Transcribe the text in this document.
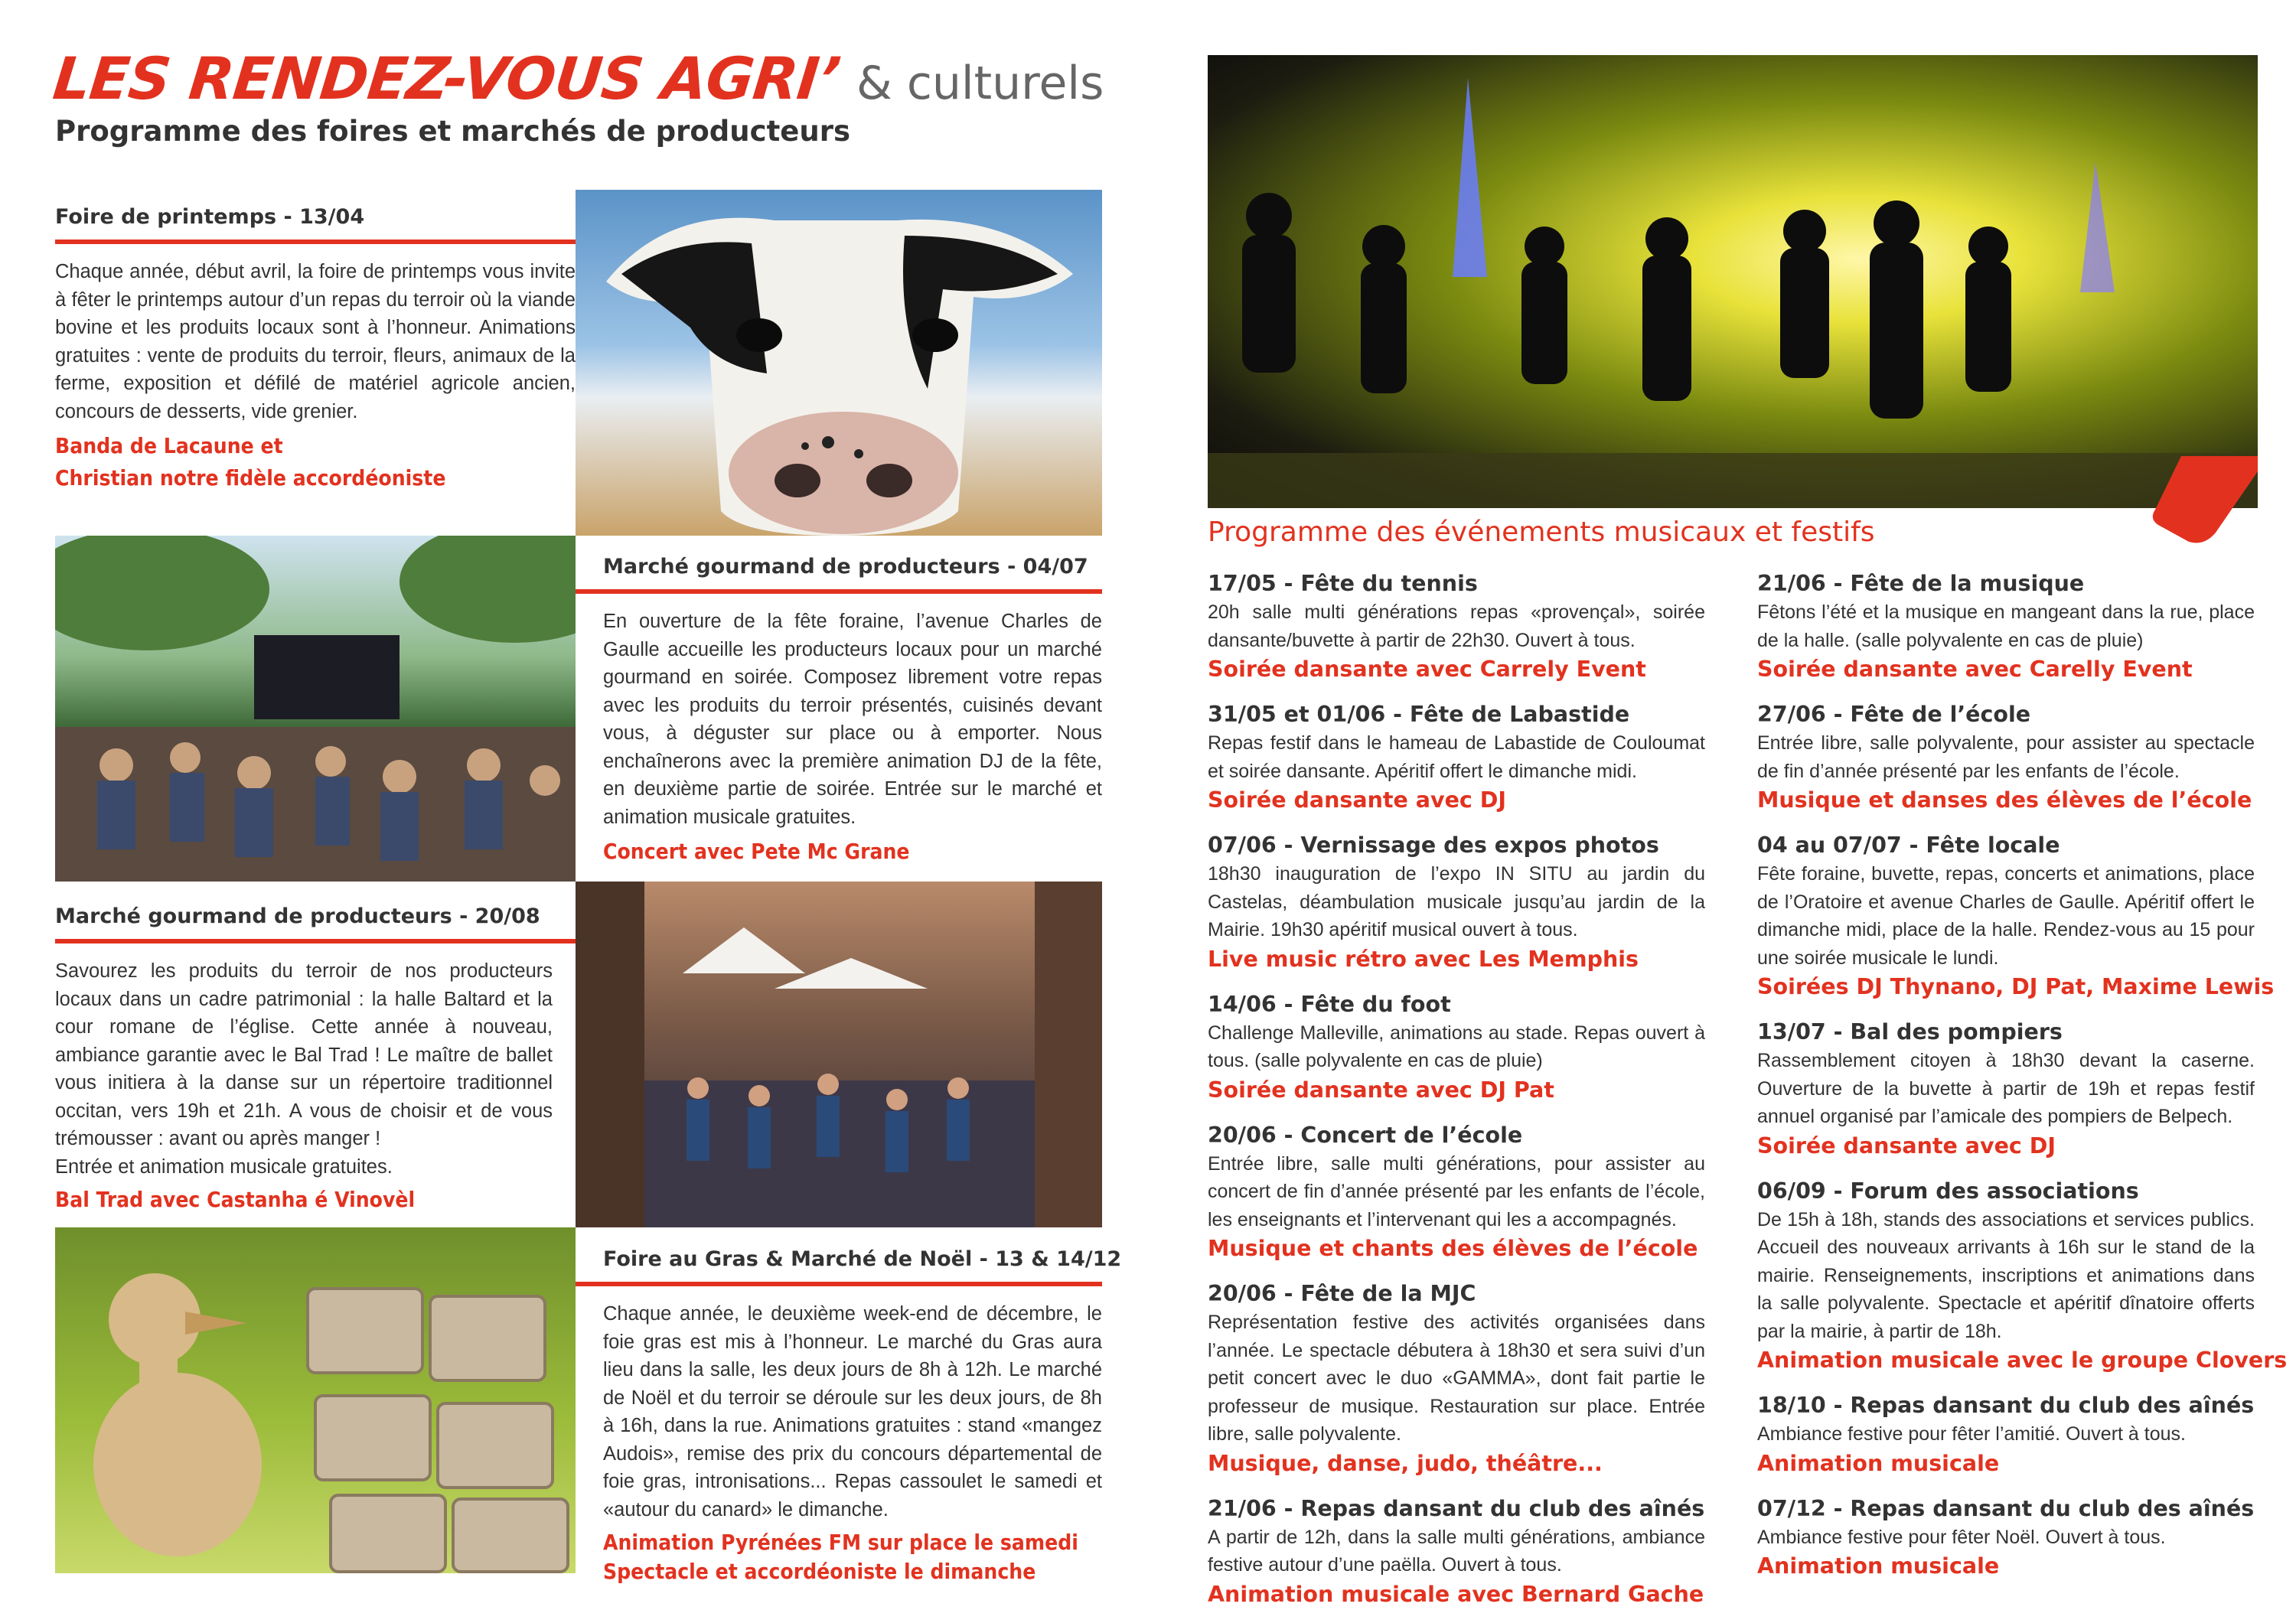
LES RENDEZ-VOUS AGRI’ & culturels
Programme des foires et marchés de producteurs
Foire de printemps - 13/04
Chaque année, début avril, la foire de printemps vous invite à fêter le printemps autour d’un repas du terroir où la viande bovine et les produits locaux sont à l’honneur. Animations gratuites : vente de produits du terroir, fleurs, animaux de la ferme, exposition et défilé de matériel agricole ancien, concours de desserts, vide grenier.
Banda de Lacaune et
Christian notre fidèle accordéoniste
Marché gourmand de producteurs - 04/07
En ouverture de la fête foraine, l’avenue Charles de Gaulle accueille les producteurs locaux pour un marché gourmand en soirée. Composez librement votre repas avec les produits du terroir présentés, cuisinés devant vous, à déguster sur place ou à emporter. Nous enchaînerons avec la première animation DJ de la fête, en deuxième partie de soirée. Entrée sur le marché et animation musicale gratuites.
Concert avec Pete Mc Grane
Marché gourmand de producteurs - 20/08
Savourez les produits du terroir de nos producteurs locaux dans un cadre patrimonial : la halle Baltard et la cour romane de l’église. Cette année à nouveau, ambiance garantie avec le Bal Trad ! Le maître de ballet vous initiera à la danse sur un répertoire traditionnel occitan, vers 19h et 21h. A vous de choisir et de vous trémousser : avant ou après manger !
Entrée et animation musicale gratuites.
Bal Trad avec Castanha é Vinovèl
Foire au Gras & Marché de Noël - 13 & 14/12
Chaque année, le deuxième week-end de décembre, le foie gras est mis à l’honneur. Le marché du Gras aura lieu dans la salle, les deux jours de 8h à 12h. Le marché de Noël et du terroir se déroule sur les deux jours, de 8h à 16h, dans la rue. Animations gratuites : stand «mangez Audois», remise des prix du concours départemental de foie gras, intronisations... Repas cassoulet le samedi et «autour du canard» le dimanche.
Animation Pyrénées FM sur place le samedi
Spectacle et accordéoniste le dimanche
Programme des événements musicaux et festifs
17/05 - Fête du tennis
20h salle multi générations repas «provençal», soirée dansante/buvette à partir de 22h30. Ouvert à tous.
Soirée dansante avec Carrely Event
31/05 et 01/06 - Fête de Labastide
Repas festif dans le hameau de Labastide de Couloumat et soirée dansante. Apéritif offert le dimanche midi.
Soirée dansante avec DJ
07/06 - Vernissage des expos photos
18h30 inauguration de l’expo IN SITU au jardin du Castelas, déambulation musicale jusqu’au jardin de la Mairie. 19h30 apéritif musical ouvert à tous.
Live music rétro avec Les Memphis
14/06 - Fête du foot
Challenge Malleville, animations au stade. Repas ouvert à tous. (salle polyvalente en cas de pluie)
Soirée dansante avec DJ Pat
20/06 - Concert de l’école
Entrée libre, salle multi générations, pour assister au concert de fin d’année présenté par les enfants de l’école, les enseignants et l’intervenant qui les a accompagnés.
Musique et chants des élèves de l’école
20/06 - Fête de la MJC
Représentation festive des activités organisées dans l’année. Le spectacle débutera à 18h30 et sera suivi d’un petit concert avec le duo «GAMMA», dont fait partie le professeur de musique. Restauration sur place. Entrée libre, salle polyvalente.
Musique, danse, judo, théâtre...
21/06 - Repas dansant du club des aînés
A partir de 12h, dans la salle multi générations, ambiance festive autour d’une paëlla. Ouvert à tous.
Animation musicale avec Bernard Gache
21/06 - Fête de la musique
Fêtons l’été et la musique en mangeant dans la rue, place de la halle. (salle polyvalente en cas de pluie)
Soirée dansante avec Carelly Event
27/06 - Fête de l’école
Entrée libre, salle polyvalente, pour assister au spectacle de fin d’année présenté par les enfants de l’école.
Musique et danses des élèves de l’école
04 au 07/07 - Fête locale
Fête foraine, buvette, repas, concerts et animations, place de l’Oratoire et avenue Charles de Gaulle. Apéritif offert le dimanche midi, place de la halle. Rendez-vous au 15 pour une soirée musicale le lundi.
Soirées DJ Thynano, DJ Pat, Maxime Lewis
13/07 - Bal des pompiers
Rassemblement citoyen à 18h30 devant la caserne. Ouverture de la buvette à partir de 19h et repas festif annuel organisé par l’amicale des pompiers de Belpech.
Soirée dansante avec DJ
06/09 - Forum des associations
De 15h à 18h, stands des associations et services publics. Accueil des nouveaux arrivants à 16h sur le stand de la mairie. Renseignements, inscriptions et animations dans la salle polyvalente. Spectacle et apéritif dînatoire offerts par la mairie, à partir de 18h.
Animation musicale avec le groupe Clovers
18/10 - Repas dansant du club des aînés
Ambiance festive pour fêter l’amitié. Ouvert à tous.
Animation musicale
07/12 - Repas dansant du club des aînés
Ambiance festive pour fêter Noël. Ouvert à tous.
Animation musicale
